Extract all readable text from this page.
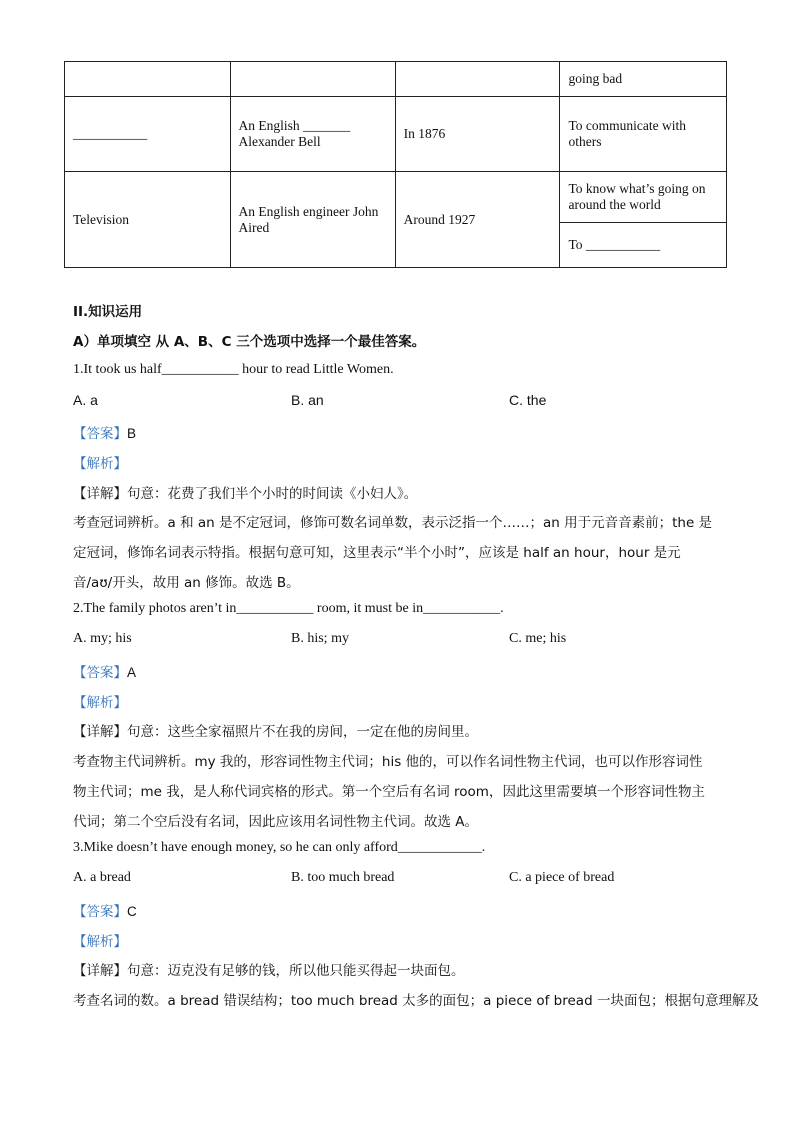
			going bad
___________	An English _______ Alexander Bell	In 1876	To communicate with others
Television	An English engineer John Aired	Around 1927	To know what’s going on around the world
			To ___________
II.知识运用
A）单项填空 从 A、B、C 三个选项中选择一个最佳答案。
1.It took us half___________ hour to read Little Women.
A. a	B. an	C. the
【答案】B
【解析】
【详解】句意：花费了我们半个小时的时间读《小妇人》。
考查冠词辨析。a 和 an 是不定冠词，修饰可数名词单数，表示泛指一个……；an 用于元音音素前；the 是
定冠词，修饰名词表示特指。根据句意可知，这里表示“半个小时”，应该是 half an hour，hour 是元
音/aʊ/开头，故用 an 修饰。故选 B。
2.The family photos aren’t in___________ room, it must be in___________.
A. my; his	B. his; my	C. me; his
【答案】A
【解析】
【详解】句意：这些全家福照片不在我的房间，一定在他的房间里。
考查物主代词辨析。my 我的，形容词性物主代词；his 他的，可以作名词性物主代词，也可以作形容词性
物主代词；me 我，是人称代词宾格的形式。第一个空后有名词 room，因此这里需要填一个形容词性物主
代词；第二个空后没有名词，因此应该用名词性物主代词。故选 A。
3.Mike doesn’t have enough money, so he can only afford____________.
A. a bread	B. too much bread	C. a piece of bread
【答案】C
【解析】
【详解】句意：迈克没有足够的钱，所以他只能买得起一块面包。
考查名词的数。a bread 错误结构；too much bread 太多的面包；a piece of bread 一块面包；根据句意理解及
